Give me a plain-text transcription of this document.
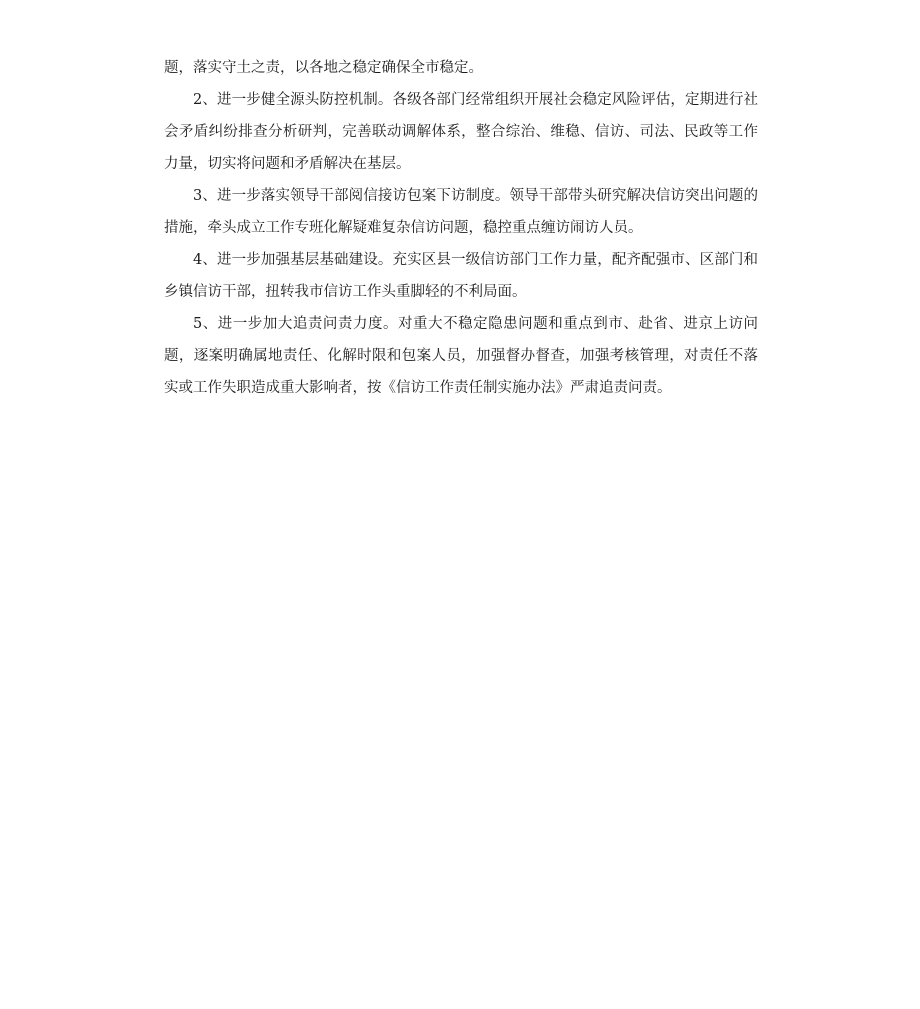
题，落实守土之责，以各地之稳定确保全市稳定。

2、进一步健全源头防控机制。各级各部门经常组织开展社会稳定风险评估，定期进行社会矛盾纠纷排查分析研判，完善联动调解体系，整合综治、维稳、信访、司法、民政等工作力量，切实将问题和矛盾解决在基层。

3、进一步落实领导干部阅信接访包案下访制度。领导干部带头研究解决信访突出问题的措施，牵头成立工作专班化解疑难复杂信访问题，稳控重点缠访闹访人员。

4、进一步加强基层基础建设。充实区县一级信访部门工作力量，配齐配强市、区部门和乡镇信访干部，扭转我市信访工作头重脚轻的不利局面。

5、进一步加大追责问责力度。对重大不稳定隐患问题和重点到市、赴省、进京上访问题，逐案明确属地责任、化解时限和包案人员，加强督办督查，加强考核管理，对责任不落实或工作失职造成重大影响者，按《信访工作责任制实施办法》严肃追责问责。
